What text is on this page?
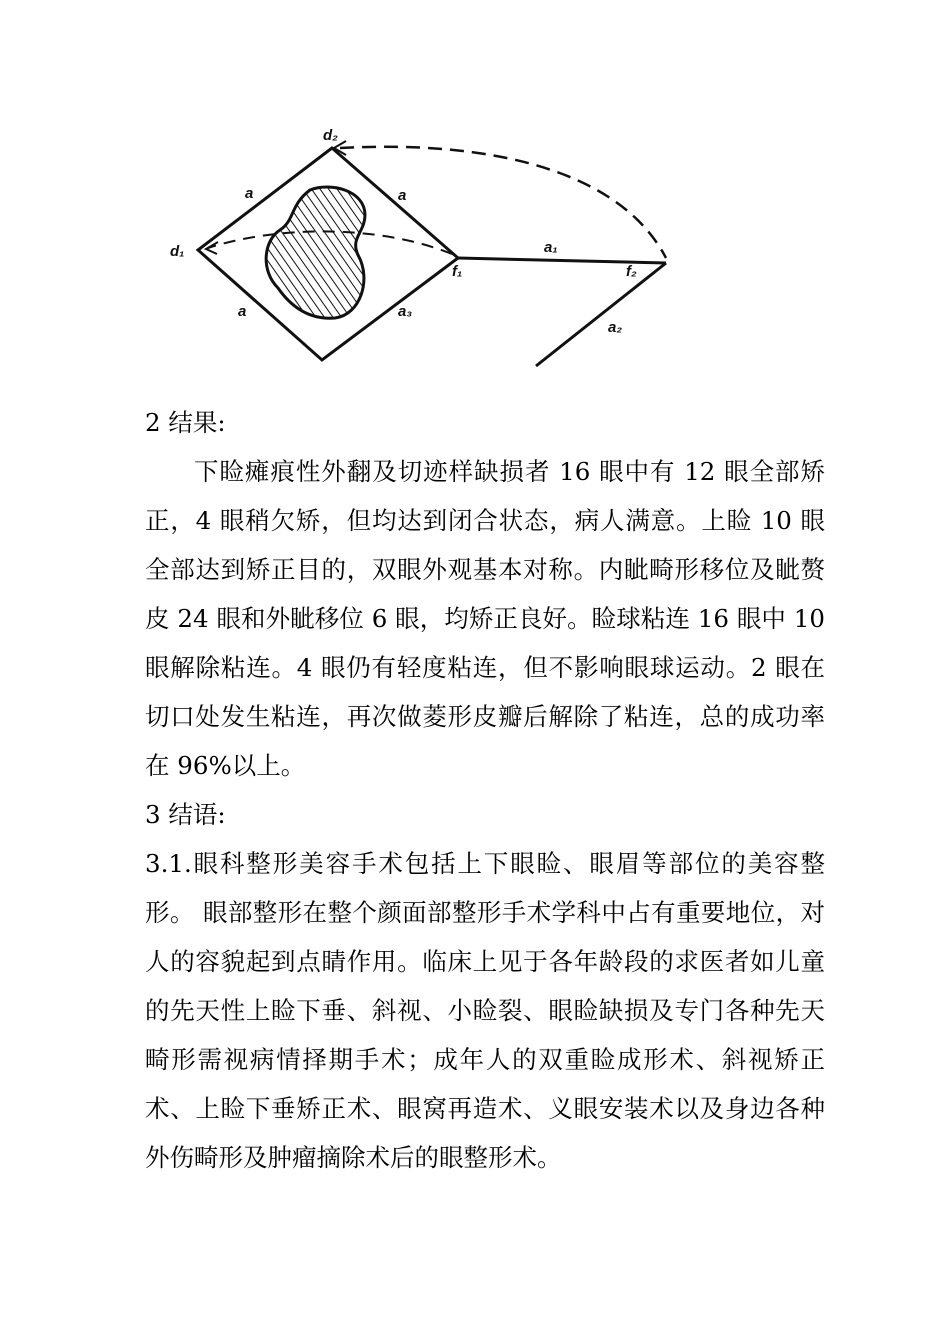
d₂
d₁
a	a
a
a₁
a₂
a₃
f₁	f₂
2 结果:
下睑瘫痕性外翻及切迹样缺损者 16 眼中有 12 眼全部矫正，4 眼稍欠矫，但均达到闭合状态，病人满意。上睑 10 眼全部达到矫正目的，双眼外观基本对称。内眦畸形移位及眦赘皮 24 眼和外眦移位 6 眼，均矫正良好。睑球粘连 16 眼中 10 眼解除粘连。4 眼仍有轻度粘连，但不影响眼球运动。2 眼在切口处发生粘连，再次做菱形皮瓣后解除了粘连，总的成功率在 96%以上。
3 结语:
3.1.眼科整形美容手术包括上下眼睑、眼眉等部位的美容整形。 眼部整形在整个颜面部整形手术学科中占有重要地位，对人的容貌起到点睛作用。临床上见于各年龄段的求医者如儿童的先天性上睑下垂、斜视、小睑裂、眼睑缺损及专门各种先天畸形需视病情择期手术；成年人的双重睑成形术、斜视矫正术、上睑下垂矫正术、眼窝再造术、义眼安装术以及身边各种外伤畸形及肿瘤摘除术后的眼整形术。
